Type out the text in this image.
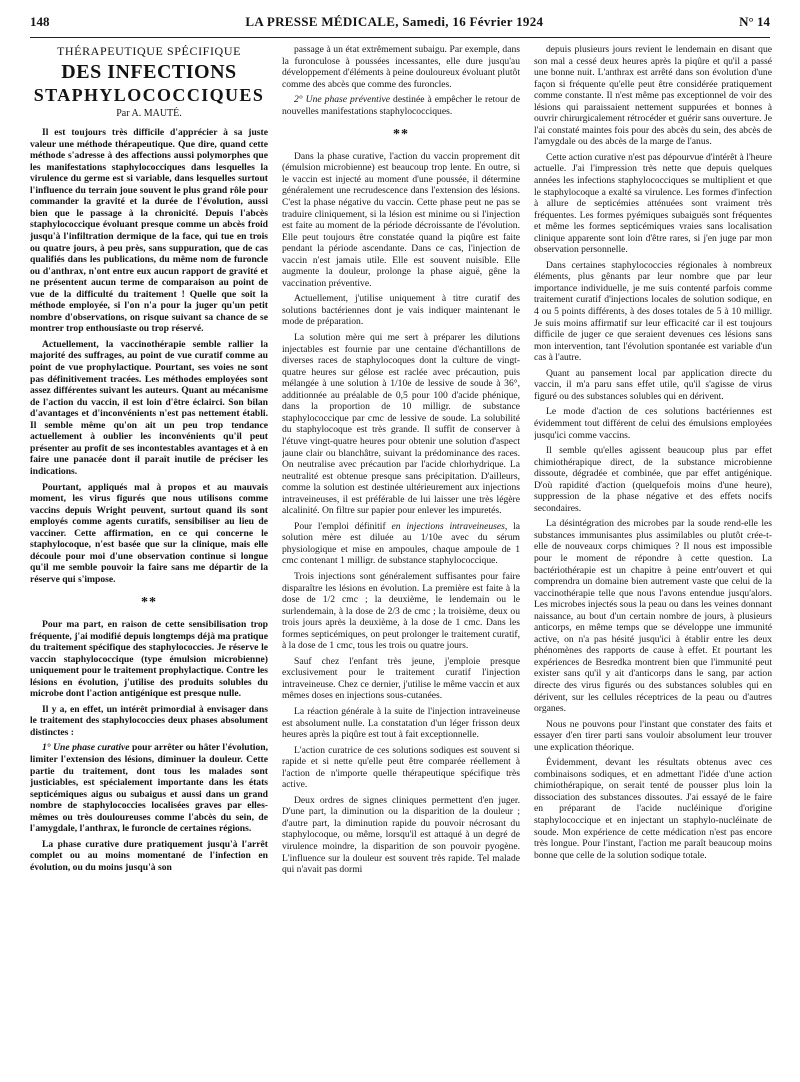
148	LA PRESSE MÉDICALE, Samedi, 16 Février 1924	N° 14
THÉRAPEUTIQUE SPÉCIFIQUE
DES INFECTIONS
STAPHYLOCOCCIQUES
Par A. MAUTÉ.

Il est toujours très difficile d'apprécier à sa juste valeur une méthode thérapeutique. Que dire, quand cette méthode s'adresse à des affections aussi polymorphes que les manifestations staphylococciques dans lesquelles la virulence du germe est si variable, dans lesquelles surtout l'influence du terrain joue souvent le plus grand rôle pour commander la gravité et la durée de l'évolution, aussi bien que le passage à la chronicité. Depuis l'abcès staphylococcique évoluant presque comme un abcès froid jusqu'à l'infiltration dermique de la face, qui tue en trois ou quatre jours, à peu près, sans suppuration, que de cas qualifiés dans les publications, du même nom de furoncle ou d'anthrax, n'ont entre eux aucun rapport de gravité et ne présentent aucun terme de comparaison au point de vue de la difficulté du traitement ! Quelle que soit la méthode employée, si l'on n'a pour la juger qu'un petit nombre d'observations, on risque suivant sa chance de se montrer trop enthousiaste ou trop réservé.

Actuellement, la vaccinothérapie semble rallier la majorité des suffrages, au point de vue curatif comme au point de vue prophylactique. Pourtant, ses voies ne sont pas définitivement tracées. Les méthodes employées sont assez différentes suivant les auteurs. Quant au mécanisme de l'action du vaccin, il est loin d'être éclairci. Son bilan d'avantages et d'inconvénients n'est pas nettement établi. Il semble même qu'on ait un peu trop tendance actuellement à oublier les inconvénients qu'il peut présenter au profit de ses incontestables avantages et à en faire une panacée dont il paraît inutile de préciser les indications.

Pourtant, appliqués mal à propos et au mauvais moment, les virus figurés que nous utilisons comme vaccins depuis Wright peuvent, surtout quand ils sont employés comme agents curatifs, sensibiliser au lieu de vacciner. Cette affirmation, en ce qui concerne le staphylocoque, n'est basée que sur la clinique, mais elle découle pour moi d'une observation continue si longue qu'il me semble pouvoir la faire sans me départir de la réserve qui s'impose.

**

Pour ma part, en raison de cette sensibilisation trop fréquente, j'ai modifié depuis longtemps déjà ma pratique du traitement spécifique des staphylococcies. Je réserve le vaccin staphylococcique (type émulsion microbienne) uniquement pour le traitement prophylactique. Contre les lésions en évolution, j'utilise des produits solubles du microbe dont l'action antigénique est presque nulle.

Il y a, en effet, un intérêt primordial à envisager dans le traitement des staphylococcies deux phases absolument distinctes :

1° Une phase curative pour arrêter ou hâter l'évolution, limiter l'extension des lésions, diminuer la douleur. Cette partie du traitement, dont tous les malades sont justiciables, est spécialement importante dans les états septicémiques aigus ou subaigus et aussi dans un grand nombre de staphylococcies localisées graves par elles-mêmes ou très douloureuses comme l'abcès du sein, de l'amygdale, l'anthrax, le furoncle de certaines régions.

La phase curative dure pratiquement jusqu'à l'arrêt complet ou au moins momentané de l'infection en évolution, ou du moins jusqu'à son

passage à un état extrêmement subaigu. Par exemple, dans la furonculose à poussées incessantes, elle dure jusqu'au développement d'éléments à peine douloureux évoluant plutôt comme des abcès que comme des furoncles.

2° Une phase préventive destinée à empêcher le retour de nouvelles manifestations staphylococciques.

**

Dans la phase curative, l'action du vaccin proprement dit (émulsion microbienne) est beaucoup trop lente. En outre, si le vaccin est injecté au moment d'une poussée, il détermine généralement une recrudescence dans l'extension des lésions. C'est la phase négative du vaccin. Cette phase peut ne pas se traduire cliniquement, si la lésion est minime ou si l'injection est faite au moment de la période décroissante de l'évolution. Elle peut toujours être constatée quand la piqûre est faite pendant la période ascendante. Dans ce cas, l'injection de vaccin n'est jamais utile. Elle est souvent nuisible. Elle augmente la douleur, prolonge la phase aiguë, gêne la vaccination préventive.

Actuellement, j'utilise uniquement à titre curatif des solutions bactériennes dont je vais indiquer maintenant le mode de préparation.

La solution mère qui me sert à préparer les dilutions injectables est fournie par une centaine d'échantillons de diverses races de staphylocoques dont la culture de vingt-quatre heures sur gélose est raclée avec précaution, puis mélangée à une solution à 1/10e de lessive de soude à 36°, additionnée au préalable de 0,5 pour 100 d'acide phénique, dans la proportion de 10 milligr. de substance staphylococcique par cmc de lessive de soude. La solubilité du staphylocoque est très grande. Il suffit de conserver à l'étuve vingt-quatre heures pour obtenir une solution d'aspect jaune clair ou blanchâtre, suivant la prédominance des races. On neutralise avec précaution par l'acide chlorhydrique. La neutralité est obtenue presque sans précipitation. D'ailleurs, comme la solution est destinée ultérieurement aux injections intraveineuses, il est préférable de lui laisser une très légère alcalinité. On filtre sur papier pour enlever les impuretés.

Pour l'emploi définitif en injections intraveineuses, la solution mère est diluée au 1/10e avec du sérum physiologique et mise en ampoules, chaque ampoule de 1 cmc contenant 1 milligr. de substance staphylococcique.

Trois injections sont généralement suffisantes pour faire disparaître les lésions en évolution. La première est faite à la dose de 1/2 cmc ; la deuxième, le lendemain ou le surlendemain, à la dose de 2/3 de cmc ; la troisième, deux ou trois jours après la deuxième, à la dose de 1 cmc. Dans les formes septicémiques, on peut prolonger le traitement curatif, à la dose de 1 cmc, tous les trois ou quatre jours.

Sauf chez l'enfant très jeune, j'emploie presque exclusivement pour le traitement curatif l'injection intraveineuse. Chez ce dernier, j'utilise le même vaccin et aux mêmes doses en injections sous-cutanées.

La réaction générale à la suite de l'injection intraveineuse est absolument nulle. La constatation d'un léger frisson deux heures après la piqûre est tout à fait exceptionnelle.

L'action curatrice de ces solutions sodiques est souvent si rapide et si nette qu'elle peut être comparée réellement à l'action de n'importe quelle thérapeutique spécifique très active.

Deux ordres de signes cliniques permettent d'en juger. D'une part, la diminution ou la disparition de la douleur ; d'autre part, la diminution rapide du pouvoir nécrosant du staphylocoque, ou même, lorsqu'il est attaqué à un degré de virulence moindre, la disparition de son pouvoir pyogène. L'influence sur la douleur est souvent très rapide. Tel malade qui n'avait pas dormi

depuis plusieurs jours revient le lendemain en disant que son mal a cessé deux heures après la piqûre et qu'il a passé une bonne nuit. L'anthrax est arrêté dans son évolution d'une façon si fréquente qu'elle peut être considérée pratiquement comme constante. Il n'est même pas exceptionnel de voir des lésions qui paraissaient nettement suppurées et bonnes à ouvrir chirurgicalement rétrocéder et guérir sans ouverture. Je l'ai constaté maintes fois pour des abcès du sein, des abcès de l'amygdale ou des abcès de la marge de l'anus.

Cette action curative n'est pas dépourvue d'intérêt à l'heure actuelle. J'ai l'impression très nette que depuis quelques années les infections staphylococciques se multiplient et que le staphylocoque a exalté sa virulence. Les formes d'infection à allure de septicémies atténuées sont vraiment très fréquentes. Les formes pyémiques subaiguës sont fréquentes et même les formes septicémiques vraies sans localisation clinique apparente sont loin d'être rares, si j'en juge par mon observation personnelle.

Dans certaines staphylococcies régionales à nombreux éléments, plus gênants par leur nombre que par leur importance individuelle, je me suis contenté parfois comme traitement curatif d'injections locales de solution sodique, en 4 ou 5 points différents, à des doses totales de 5 à 10 milligr. Je suis moins affirmatif sur leur efficacité car il est toujours difficile de juger ce que seraient devenues ces lésions sans mon intervention, tant l'évolution spontanée est variable d'un cas à l'autre.

Quant au pansement local par application directe du vaccin, il m'a paru sans effet utile, qu'il s'agisse de virus figuré ou des substances solubles qui en dérivent.

Le mode d'action de ces solutions bactériennes est évidemment tout différent de celui des émulsions employées jusqu'ici comme vaccins.

Il semble qu'elles agissent beaucoup plus par effet chimiothérapique direct, de la substance microbienne dissoute, dégradée et combinée, que par effet antigénique. D'où rapidité d'action (quelquefois moins d'une heure), suppression de la phase négative et des effets nocifs secondaires.

La désintégration des microbes par la soude rend-elle les substances immunisantes plus assimilables ou plutôt crée-t-elle de nouveaux corps chimiques ? Il nous est impossible pour le moment de répondre à cette question. La bactériothérapie est un chapitre à peine entr'ouvert et qui comprendra un domaine bien autrement vaste que celui de la vaccinothérapie telle que nous l'avons entendue jusqu'alors. Les microbes injectés sous la peau ou dans les veines donnant naissance, au bout d'un certain nombre de jours, à plusieurs anticorps, en même temps que se développe une immunité active, on n'a pas hésité jusqu'ici à établir entre les deux phénomènes des rapports de cause à effet. Et pourtant les expériences de Besredka montrent bien que l'immunité peut exister sans qu'il y ait d'anticorps dans le sang, par action directe des virus figurés ou des substances solubles qui en dérivent, sur les cellules réceptrices de la peau ou d'autres organes.

Nous ne pouvons pour l'instant que constater des faits et essayer d'en tirer parti sans vouloir absolument leur trouver une explication théorique.

Évidemment, devant les résultats obtenus avec ces combinaisons sodiques, et en admettant l'idée d'une action chimiothérapique, on serait tenté de pousser plus loin la dissociation des substances dissoutes. J'ai essayé de le faire en préparant de l'acide nucléinique d'origine staphylococcique et en injectant un staphylo-nucléinate de soude. Mon expérience de cette médication n'est pas encore très longue. Pour l'instant, l'action me paraît beaucoup moins bonne que celle de la solution sodique totale.
